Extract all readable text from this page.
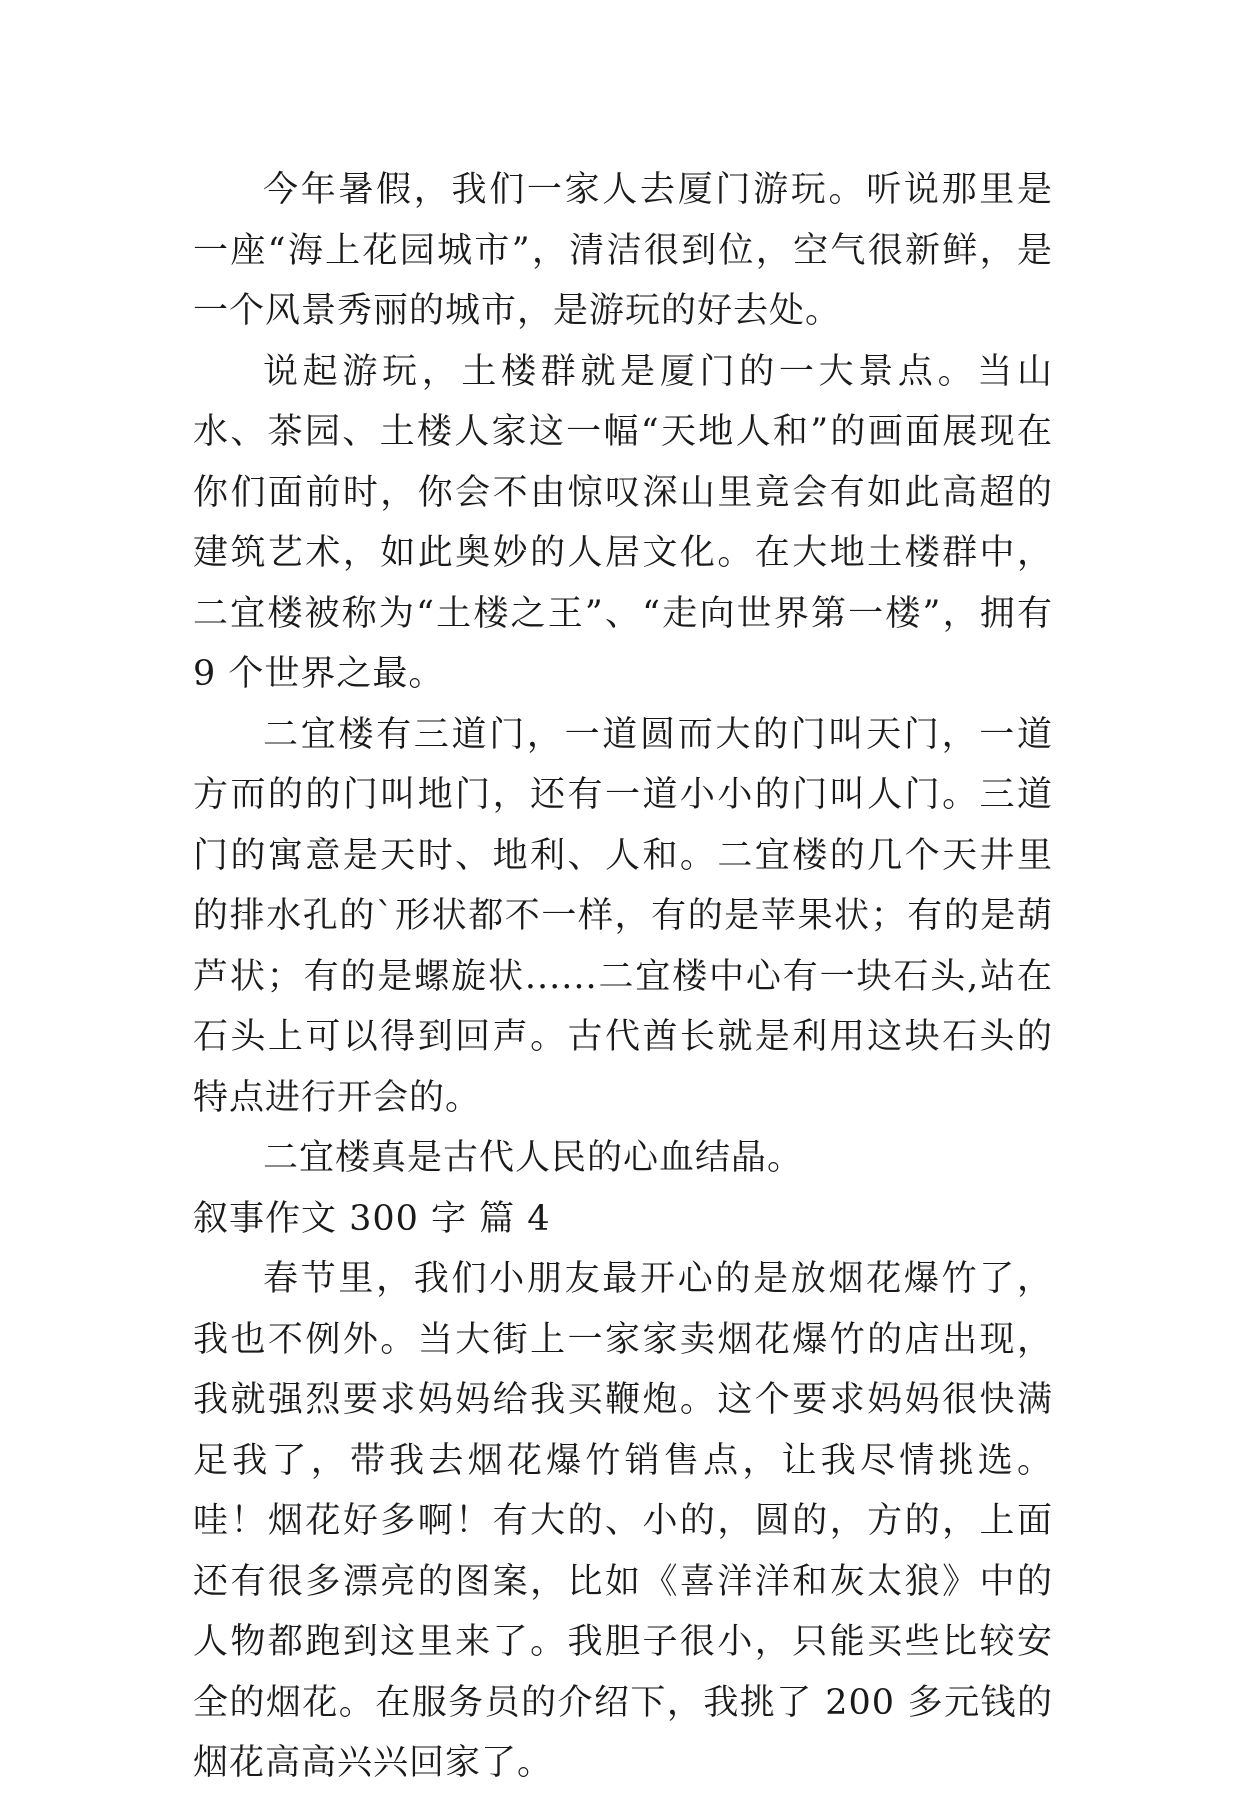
今年暑假，我们一家人去厦门游玩。听说那里是一座“海上花园城市”，清洁很到位，空气很新鲜，是一个风景秀丽的城市，是游玩的好去处。

说起游玩，土楼群就是厦门的一大景点。当山水、茶园、土楼人家这一幅“天地人和”的画面展现在你们面前时，你会不由惊叹深山里竟会有如此高超的建筑艺术，如此奥妙的人居文化。在大地土楼群中，二宜楼被称为“土楼之王”、“走向世界第一楼”，拥有 9 个世界之最。

二宜楼有三道门，一道圆而大的门叫天门，一道方而的的门叫地门，还有一道小小的门叫人门。三道门的寓意是天时、地利、人和。二宜楼的几个天井里的排水孔的`形状都不一样，有的是苹果状；有的是葫芦状；有的是螺旋状......二宜楼中心有一块石头,站在石头上可以得到回声。古代酋长就是利用这块石头的特点进行开会的。

二宜楼真是古代人民的心血结晶。

叙事作文 300 字 篇 4

春节里，我们小朋友最开心的是放烟花爆竹了，我也不例外。当大街上一家家卖烟花爆竹的店出现，我就强烈要求妈妈给我买鞭炮。这个要求妈妈很快满足我了，带我去烟花爆竹销售点，让我尽情挑选。哇！烟花好多啊！有大的、小的，圆的，方的，上面还有很多漂亮的图案，比如《喜洋洋和灰太狼》中的人物都跑到这里来了。我胆子很小，只能买些比较安全的烟花。在服务员的介绍下，我挑了 200 多元钱的烟花高高兴兴回家了。
